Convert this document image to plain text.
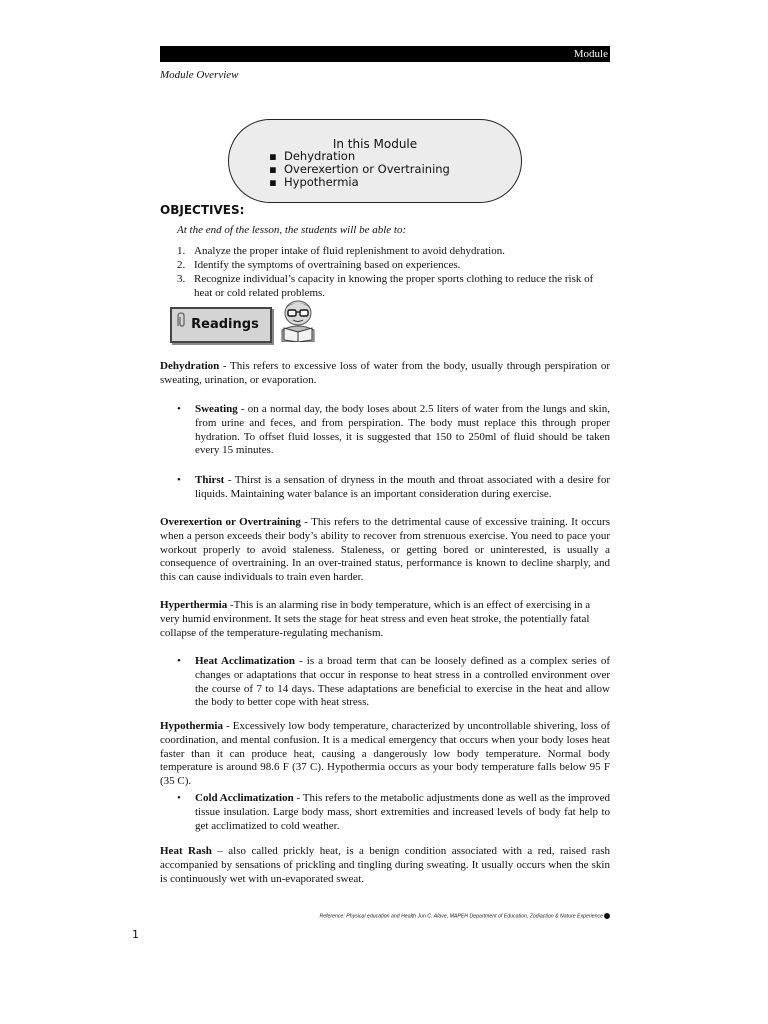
Module
Module Overview
In this Module
▪ Dehydration
▪ Overexertion or Overtraining
▪ Hypothermia
OBJECTIVES:
At the end of the lesson, the students will be able to:
1. Analyze the proper intake of fluid replenishment to avoid dehydration.
2. Identify the symptoms of overtraining based on experiences.
3. Recognize individual’s capacity in knowing the proper sports clothing to reduce the risk of heat or cold related problems.
Readings
Dehydration - This refers to excessive loss of water from the body, usually through perspiration or sweating, urination, or evaporation.
•	Sweating - on a normal day, the body loses about 2.5 liters of water from the lungs and skin, from urine and feces, and from perspiration. The body must replace this through proper hydration. To offset fluid losses, it is suggested that 150 to 250ml of fluid should be taken every 15 minutes.
•	Thirst - Thirst is a sensation of dryness in the mouth and throat associated with a desire for liquids. Maintaining water balance is an important consideration during exercise.
Overexertion or Overtraining - This refers to the detrimental cause of excessive training. It occurs when a person exceeds their body’s ability to recover from strenuous exercise. You need to pace your workout properly to avoid staleness. Staleness, or getting bored or uninterested, is usually a consequence of overtraining. In an over-trained status, performance is known to decline sharply, and this can cause individuals to train even harder.
Hyperthermia -This is an alarming rise in body temperature, which is an effect of exercising in a very humid environment. It sets the stage for heat stress and even heat stroke, the potentially fatal collapse of the temperature-regulating mechanism.
•	Heat Acclimatization - is a broad term that can be loosely defined as a complex series of changes or adaptations that occur in response to heat stress in a controlled environment over the course of 7 to 14 days. These adaptations are beneficial to exercise in the heat and allow the body to better cope with heat stress.
Hypothermia - Excessively low body temperature, characterized by uncontrollable shivering, loss of coordination, and mental confusion. It is a medical emergency that occurs when your body loses heat faster than it can produce heat, causing a dangerously low body temperature. Normal body temperature is around 98.6 F (37 C). Hypothermia occurs as your body temperature falls below 95 F (35 C).
•	Cold Acclimatization - This refers to the metabolic adjustments done as well as the improved tissue insulation. Large body mass, short extremities and increased levels of body fat help to get acclimatized to cold weather.
Heat Rash – also called prickly heat, is a benign condition associated with a red, raised rash accompanied by sensations of prickling and tingling during sweating. It usually occurs when the skin is continuously wet with un-evaporated sweat.
Reference: Physical education and Health Jun C. Alave, MAPEH Department of Education, Zodiaction & Nature Experience
1
